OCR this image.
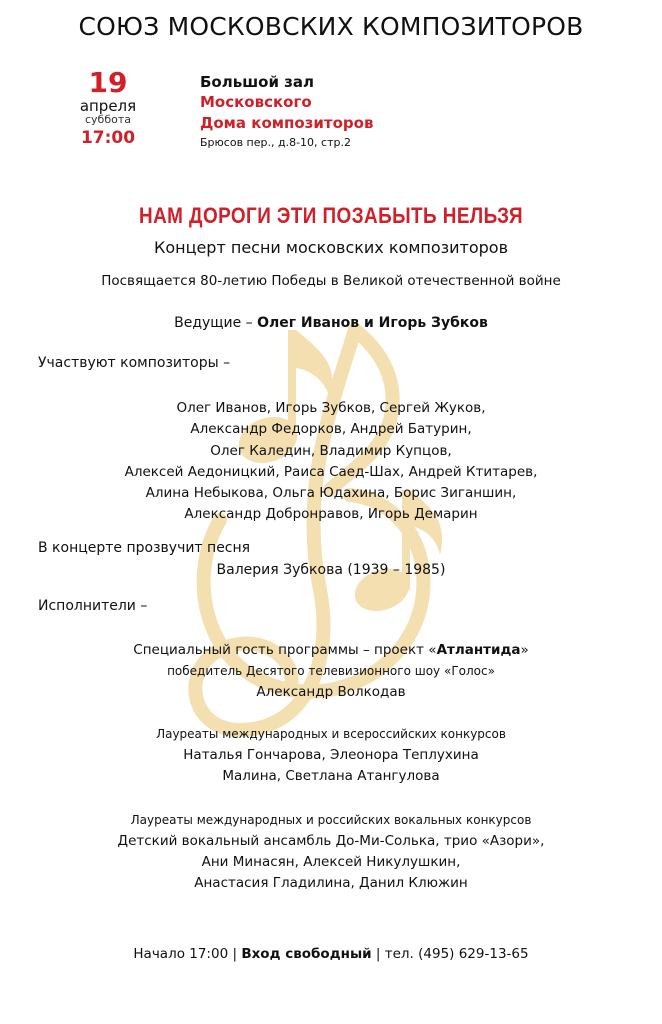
СОЮЗ МОСКОВСКИХ КОМПОЗИТОРОВ
19
апреля
суббота
17:00
Большой зал
Московского
Дома композиторов
Брюсов пер., д.8-10, стр.2
НАМ ДОРОГИ ЭТИ ПОЗАБЫТЬ НЕЛЬЗЯ
Концерт песни московских композиторов
Посвящается 80-летию Победы в Великой отечественной войне
Ведущие – Олег Иванов и Игорь Зубков
Участвуют композиторы –
Олег Иванов, Игорь Зубков, Сергей Жуков,
Александр Федорков, Андрей Батурин,
Олег Каледин, Владимир Купцов,
Алексей Аедоницкий, Раиса Саед-Шах, Андрей Ктитарев,
Алина Небыкова, Ольга Юдахина, Борис Зиганшин,
Александр Добронравов, Игорь Демарин
В концерте прозвучит песня
Валерия Зубкова (1939 – 1985)
Исполнители –
Специальный гость программы – проект «Атлантида»
победитель Десятого телевизионного шоу «Голос»
Александр Волкодав
Лауреаты международных и всероссийских конкурсов
Наталья Гончарова, Элеонора Теплухина
Малина, Светлана Атангулова
Лауреаты международных и российских вокальных конкурсов
Детский вокальный ансамбль До-Ми-Солька, трио «Азори»,
Ани Минасян, Алексей Никулушкин,
Анастасия Гладилина, Данил Клюжин
Начало 17:00 | Вход свободный | тел. (495) 629-13-65
